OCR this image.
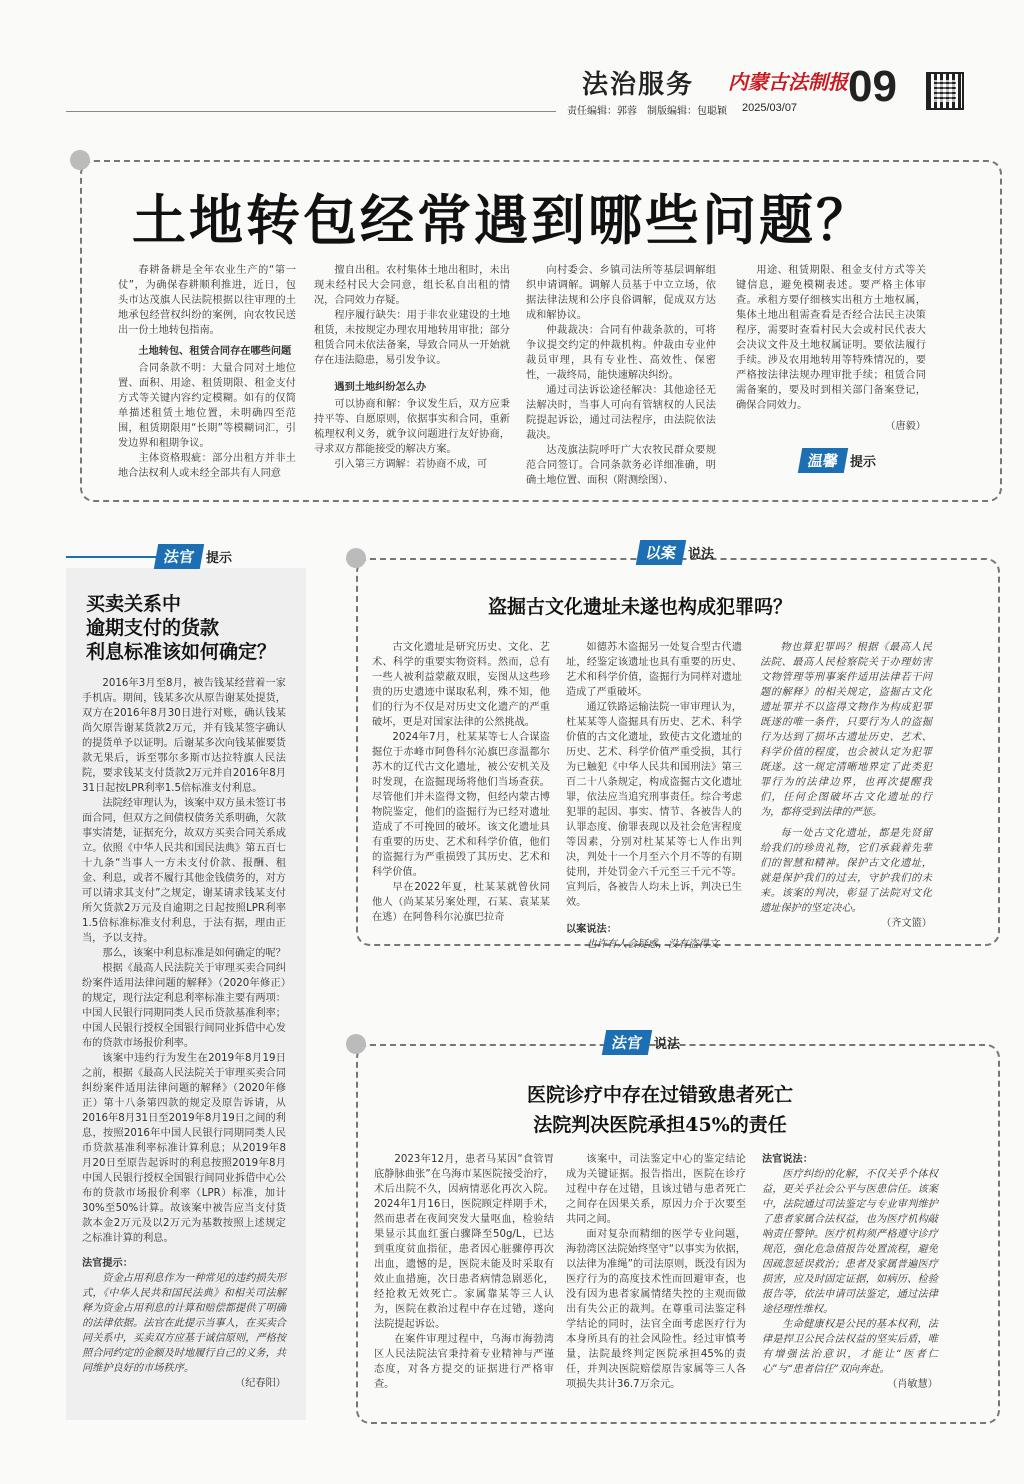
法治服务 内蒙古法制报 09
责任编辑：郭蓉　制版编辑：包聪颖 2025/03/07
土地转包经常遇到哪些问题？

春耕备耕是全年农业生产的“第一仗”，为确保春耕顺利推进，近日，包头市达茂旗人民法院根据以往审理的土地承包经营权纠纷的案例，向农牧民送出一份土地转包指南。

土地转包、租赁合同存在哪些问题

合同条款不明：大量合同对土地位置、面积、用途、租赁期限、租金支付方式等关键内容约定模糊。如有的仅简单描述租赁土地位置，未明确四至范围，租赁期限用“长期”等模糊词汇，引发边界和租期争议。

主体资格瑕疵：部分出租方并非土地合法权利人或未经全部共有人同意

擅自出租。农村集体土地出租时，未出现未经村民大会同意，组长私自出租的情况，合同效力存疑。

程序履行缺失：用于非农业建设的土地租赁，未按规定办理农用地转用审批；部分租赁合同未依法备案，导致合同从一开始就存在违法隐患，易引发争议。

遇到土地纠纷怎么办

可以协商和解：争议发生后，双方应秉持平等、自愿原则，依据事实和合同，重新梳理权利义务，就争议问题进行友好协商，寻求双方都能接受的解决方案。

引入第三方调解：若协商不成，可

向村委会、乡镇司法所等基层调解组织申请调解。调解人员基于中立立场，依据法律法规和公序良俗调解，促成双方达成和解协议。

仲裁裁决：合同有仲裁条款的，可将争议提交约定的仲裁机构。仲裁由专业仲裁员审理，具有专业性、高效性、保密性，一裁终局，能快速解决纠纷。

通过司法诉讼途径解决：其他途径无法解决时，当事人可向有管辖权的人民法院提起诉讼，通过司法程序，由法院依法裁决。

达茂旗法院呼吁广大农牧民群众要规范合同签订。合同条款务必详细准确，明确土地位置、面积（附测绘图）、

用途、租赁期限、租金支付方式等关键信息，避免模糊表述。要严格主体审查。承租方要仔细核实出租方土地权属，集体土地出租需查看是否经合法民主决策程序，需要时查看村民大会或村民代表大会决议文件及土地权属证明。要依法履行手续。涉及农用地转用等特殊情况的，要严格按法律法规办理审批手续；租赁合同需备案的，要及时到相关部门备案登记，确保合同效力。

（唐毅）
温馨 提示
法官 提示
买卖关系中
逾期支付的货款
利息标准该如何确定？

2016年3月至8月，被告钱某经营着一家手机店。期间，钱某多次从原告谢某处提货，双方在2016年8月30日进行对账，确认钱某尚欠原告谢某货款2万元，并有钱某签字确认的提货单予以证明。后谢某多次向钱某催要货款无果后，诉至鄂尔多斯市达拉特旗人民法院，要求钱某支付货款2万元并自2016年8月31日起按LPR利率1.5倍标准支付利息。

法院经审理认为，该案中双方虽未签订书面合同，但双方之间债权债务关系明确，欠款事实清楚，证据充分，故双方买卖合同关系成立。依照《中华人民共和国民法典》第五百七十九条“当事人一方未支付价款、报酬、租金、利息，或者不履行其他金钱债务的，对方可以请求其支付”之规定，谢某请求钱某支付所欠货款2万元及自逾期之日起按照LPR利率1.5倍标准标准支付利息，于法有据，理由正当，予以支持。

那么，该案中利息标准是如何确定的呢？

根据《最高人民法院关于审理买卖合同纠纷案件适用法律问题的解释》（2020年修正）的规定，现行法定利息利率标准主要有两项：中国人民银行同期同类人民币贷款基准利率；中国人民银行授权全国银行间同业拆借中心发布的贷款市场报价利率。

该案中违约行为发生在2019年8月19日之前，根据《最高人民法院关于审理买卖合同纠纷案件适用法律问题的解释》（2020年修正）第十八条第四款的规定及原告诉请，从2016年8月31日至2019年8月19日之间的利息，按照2016年中国人民银行同期同类人民币贷款基准利率标准计算利息；从2019年8月20日至原告起诉时的利息按照2019年8月中国人民银行授权全国银行间同业拆借中心公布的贷款市场报价利率（LPR）标准，加计30%至50%计算。故该案中被告应当支付货款本金2万元及以2万元为基数按照上述规定之标准计算的利息。

法官提示：

资金占用利息作为一种常见的违约损失形式，《中华人民共和国民法典》和相关司法解释为资金占用利息的计算和赔偿都提供了明确的法律依据。法官在此提示当事人，在买卖合同关系中，买卖双方应基于诚信原则，严格按照合同约定的金额及时地履行自己的义务，共同维护良好的市场秩序。

（纪春阳）
以案 说法
盗掘古文化遗址未遂也构成犯罪吗？

古文化遗址是研究历史、文化、艺术、科学的重要实物资料。然而，总有一些人被利益蒙蔽双眼，妄图从这些珍贵的历史遗迹中谋取私利，殊不知，他们的行为不仅是对历史文化遗产的严重破坏，更是对国家法律的公然挑战。

2024年7月，杜某某等七人合谋盗掘位于赤峰市阿鲁科尔沁旗巴彦温都尔苏木的辽代古文化遗址，被公安机关及时发现，在盗掘现场将他们当场查获。尽管他们并未盗得文物，但经内蒙古博物院鉴定，他们的盗掘行为已经对遗址造成了不可挽回的破坏。该文化遗址具有重要的历史、艺术和科学价值，他们的盗掘行为严重损毁了其历史、艺术和科学价值。

早在2022年夏，杜某某就曾伙同他人（尚某某另案处理，石某、袁某某在逃）在阿鲁科尔沁旗巴拉奇

如德苏木盗掘另一处复合型古代遗址，经鉴定该遗址也具有重要的历史、艺术和科学价值，盗掘行为同样对遗址造成了严重破坏。

通辽铁路运输法院一审审理认为，杜某某等人盗掘具有历史、艺术、科学价值的古文化遗址，致使古文化遗址的历史、艺术、科学价值严重受损，其行为已触犯《中华人民共和国刑法》第三百二十八条规定，构成盗掘古文化遗址罪，依法应当追究刑事责任。综合考虑犯罪的起因、事实、情节、各被告人的认罪态度、偷罪表现以及社会危害程度等因素，分别对杜某某等七人作出判决，判处十一个月至六个月不等的有期徒刑，并处罚金六千元至三千元不等。宣判后，各被告人均未上诉，判决已生效。

以案说法：

也许有人会疑惑，没有盗得文

物也算犯罪吗？根据《最高人民法院、最高人民检察院关于办理妨害文物管理等刑事案件适用法律若干问题的解释》的相关规定，盗掘古文化遗址罪并不以盗得文物作为构成犯罪既遂的唯一条件，只要行为人的盗掘行为达到了损坏古遗址历史、艺术、科学价值的程度，也会被认定为犯罪既遂。这一规定清晰地界定了此类犯罪行为的法律边界，也再次提醒我们，任何企图破坏古文化遗址的行为，都将受到法律的严惩。

每一处古文化遗址，都是先贤留给我们的珍贵礼物，它们承载着先辈们的智慧和精神。保护古文化遗址，就是保护我们的过去，守护我们的未来。该案的判决，彰显了法院对文化遗址保护的坚定决心。

（齐文篮）
法官 说法
医院诊疗中存在过错致患者死亡
法院判决医院承担45%的责任

2023年12月，患者马某因“食管胃底静脉曲张”在乌海市某医院接受治疗，术后出院不久，因病情恶化再次入院。2024年1月16日，医院顾定样期手术，然而患者在夜间突发大量呕血，检验结果显示其血红蛋白骤降至50g/L，已达到重度贫血指征，患者因心脏骤停再次出血，遗憾的是，医院未能及时采取有效止血措施，次日患者病情急剧恶化，经抢救无效死亡。家属靠某等三人认为，医院在救治过程中存在过错，遂向法院提起诉讼。

在案件审理过程中，乌海市海勃湾区人民法院法官秉持着专业精神与严谨态度，对各方提交的证据进行严格审查。

该案中，司法鉴定中心的鉴定结论成为关键证据。报告指出，医院在诊疗过程中存在过错，且该过错与患者死亡之间存在因果关系，原因力介于次要至共同之间。

面对复杂而精细的医学专业问题，海勃湾区法院始终坚守“以事实为依据，以法律为准绳”的司法原则，既没有因为医疗行为的高度技术性而回避审查，也没有因为患者家属情绪失控的主观而做出有失公正的裁判。在尊重司法鉴定科学结论的同时，法官全面考虑医疗行为本身所具有的社会风险性。经过审慎考量，法院最终判定医院承担45%的责任，并判决医院赔偿原告家属等三人各项损失共计36.7万余元。

法官说法：

医疗纠纷的化解，不仅关乎个体权益，更关乎社会公平与医患信任。该案中，法院通过司法鉴定与专业审判维护了患者家属合法权益，也为医疗机构敲响责任警钟。医疗机构须严格遵守诊疗规范，强化危急值报告处置流程，避免因疏忽延误救治；患者及家属普遍医疗损害，应及时固定证据，如病历、检验报告等，依法申请司法鉴定，通过法律途径理性维权。

生命健康权是公民的基本权利，法律是捍卫公民合法权益的坚实后盾，唯有增强法治意识，才能让“医者仁心”与“患者信任”双向奔赴。

（肖敏慧）
